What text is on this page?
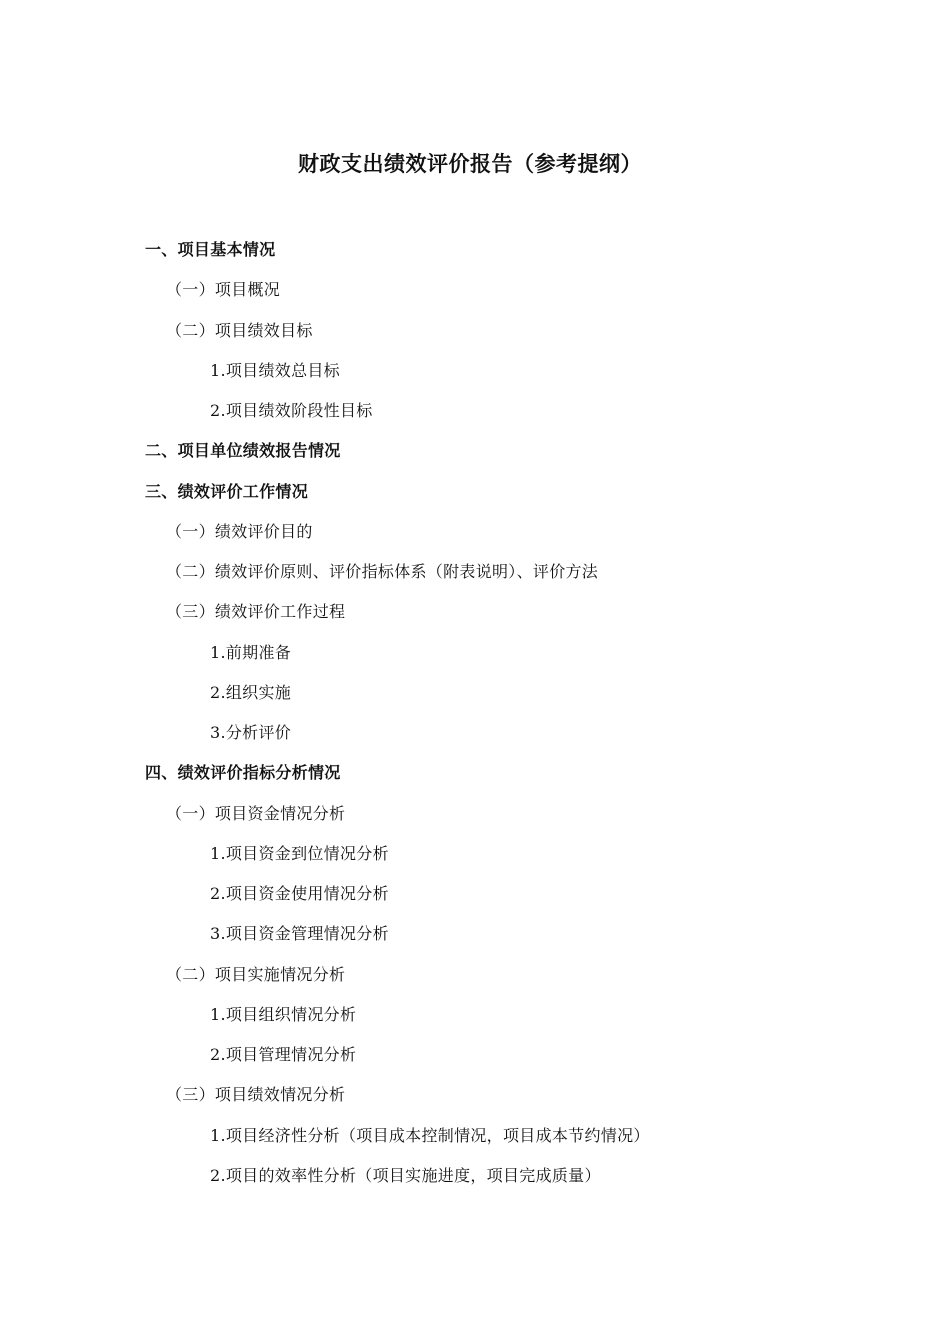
财政支出绩效评价报告（参考提纲）
一、项目基本情况
（一）项目概况
（二）项目绩效目标
1.项目绩效总目标
2.项目绩效阶段性目标
二、项目单位绩效报告情况
三、绩效评价工作情况
（一）绩效评价目的
（二）绩效评价原则、评价指标体系（附表说明）、评价方法
（三）绩效评价工作过程
1.前期准备
2.组织实施
3.分析评价
四、绩效评价指标分析情况
（一）项目资金情况分析
1.项目资金到位情况分析
2.项目资金使用情况分析
3.项目资金管理情况分析
（二）项目实施情况分析
1.项目组织情况分析
2.项目管理情况分析
（三）项目绩效情况分析
1.项目经济性分析（项目成本控制情况，项目成本节约情况）
2.项目的效率性分析（项目实施进度，项目完成质量）
